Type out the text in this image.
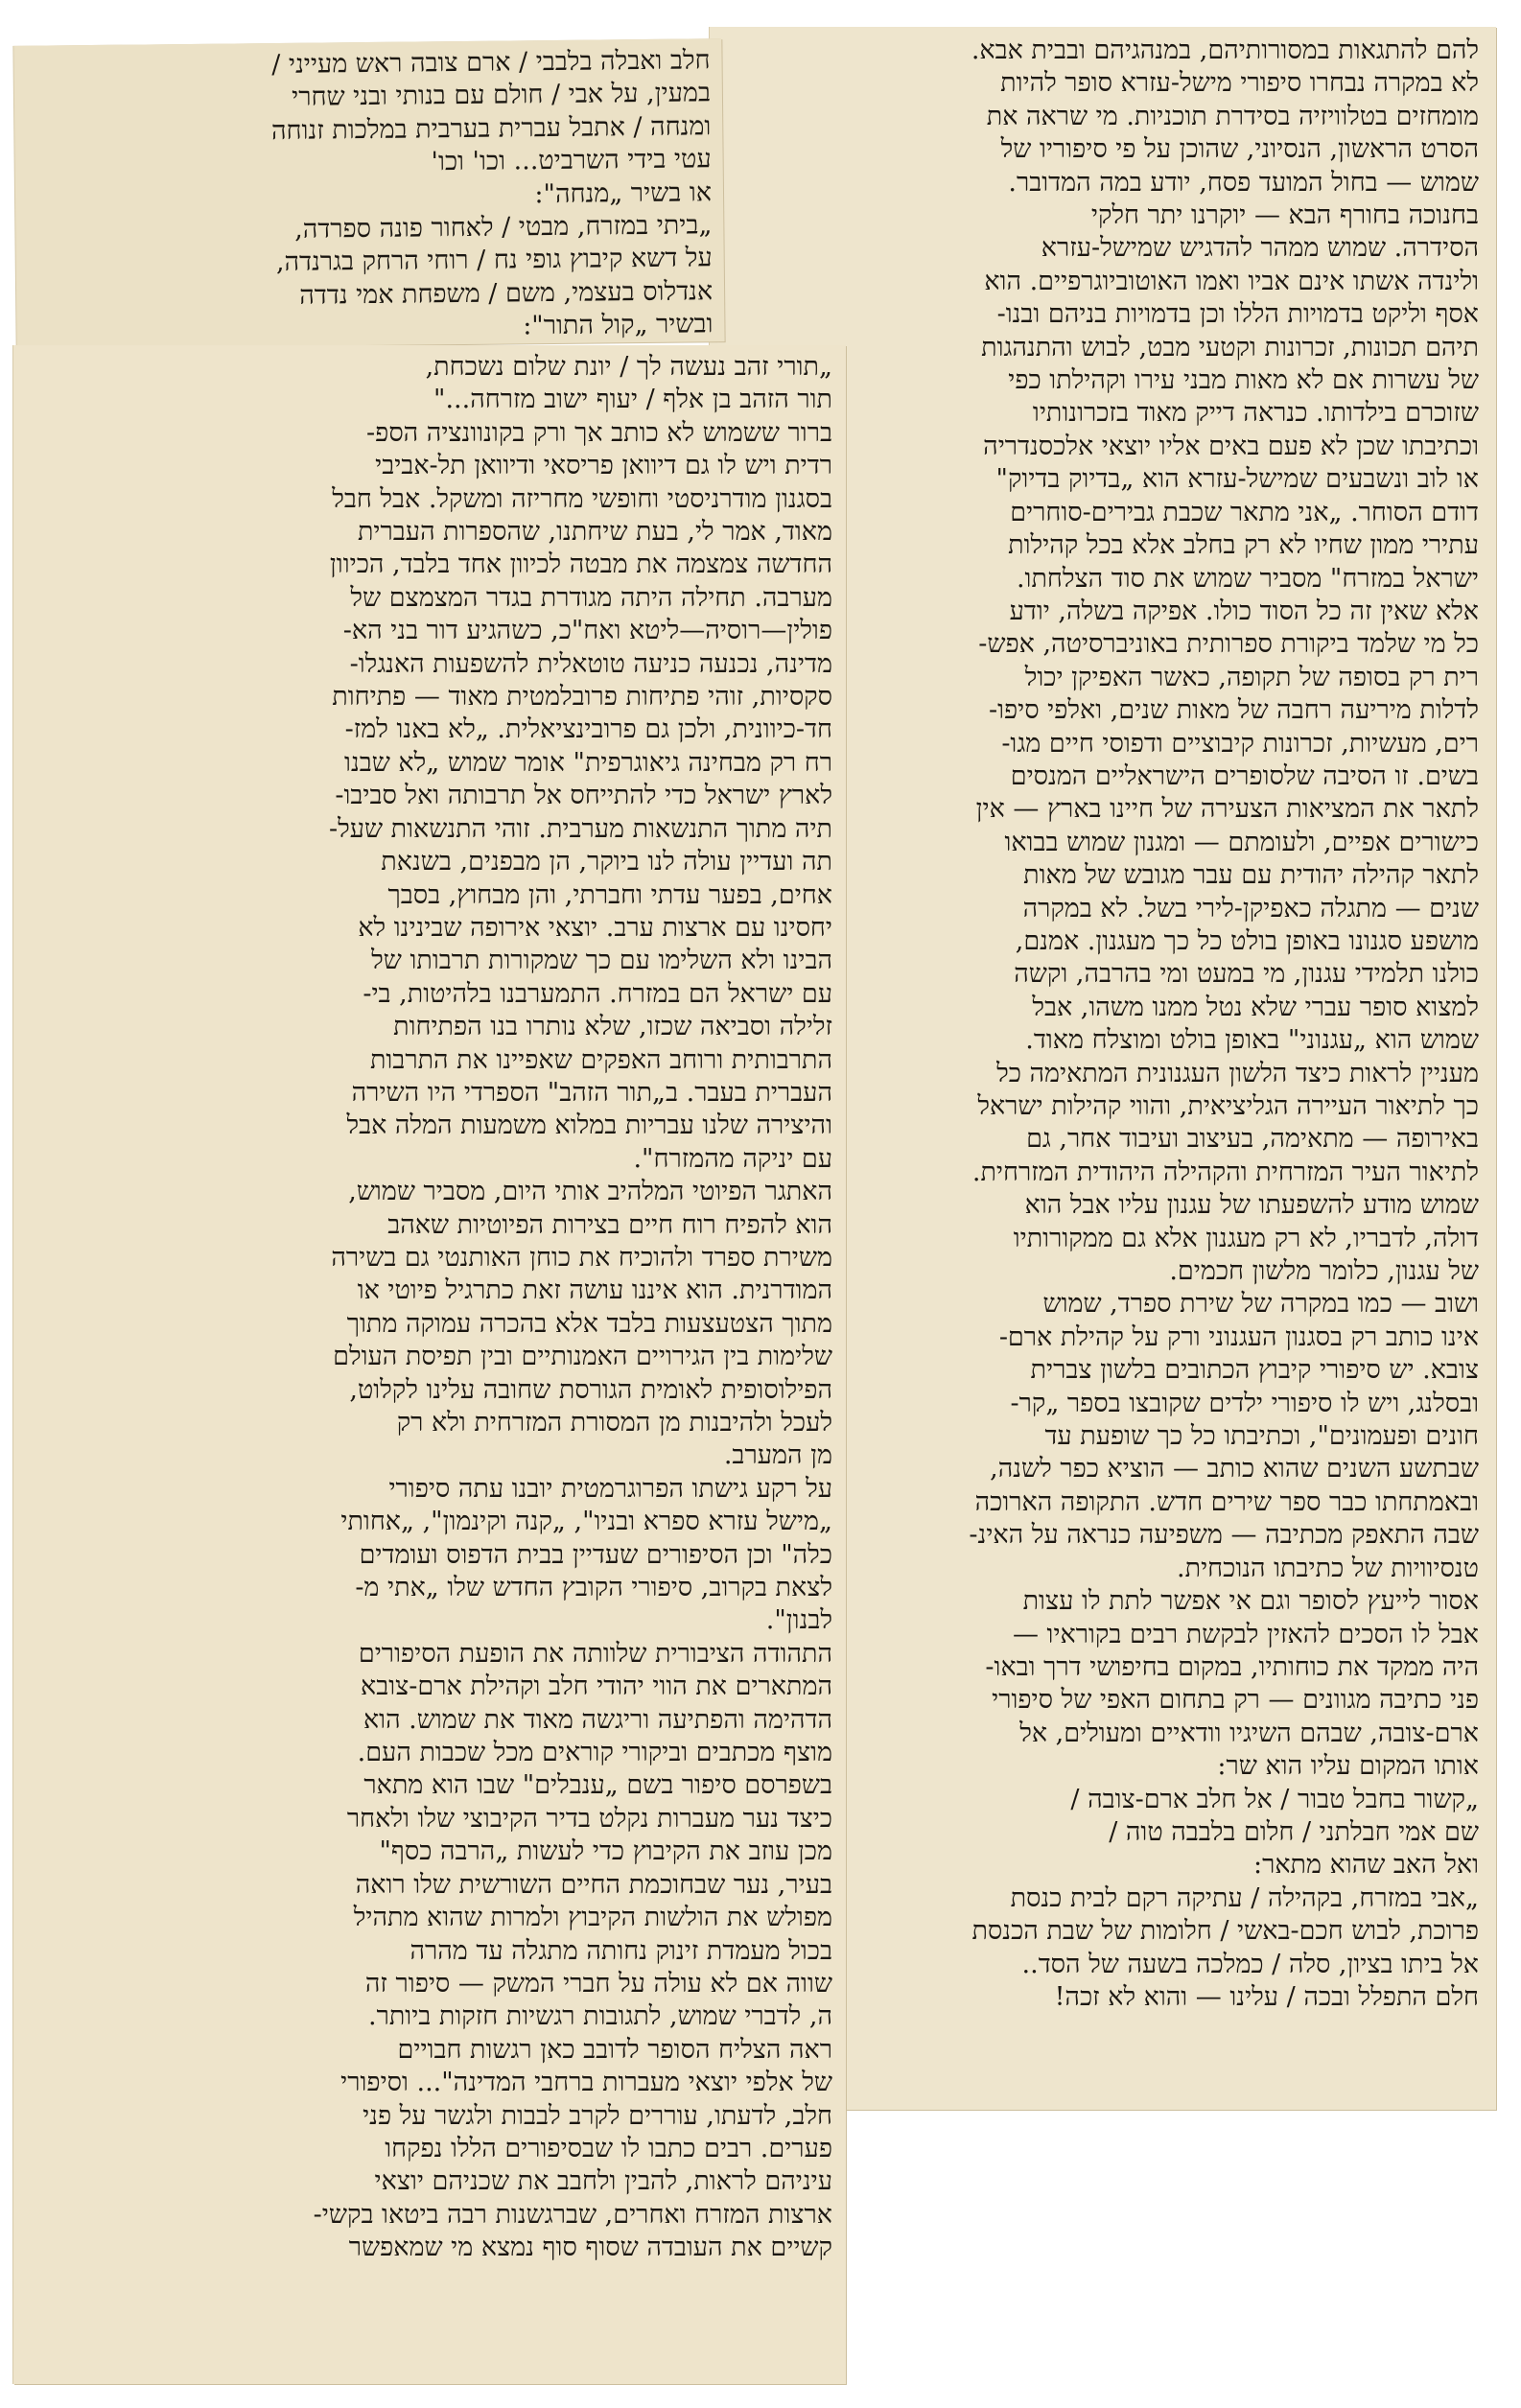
להם להתגאות במסורותיהם, במנהגיהם ובבית אבא.
לא במקרה נבחרו סיפורי מישל-עזרא סופר להיות
מומחזים בטלוויזיה בסידרת תוכניות. מי שראה את
הסרט הראשון, הנסיוני, שהוכן על פי סיפוריו של
שמוש — בחול המועד פסח, יודע במה המדובר.
בחנוכה בחורף הבא — יוקרנו יתר חלקי
הסידרה. שמוש ממהר להדגיש שמישל-עזרא
ולינדה אשתו אינם אביו ואמו האוטוביוגרפיים. הוא
אסף וליקט בדמויות הללו וכן בדמויות בניהם ובנו-
תיהם תכונות, זכרונות וקטעי מבט, לבוש והתנהגות
של עשרות אם לא מאות מבני עירו וקהילתו כפי
שזוכרם בילדותו. כנראה דייק מאוד בזכרונותיו
וכתיבתו שכן לא פעם באים אליו יוצאי אלכסנדריה
או לוב ונשבעים שמישל-עזרא הוא „בדיוק בדיוק"
דודם הסוחר. „אני מתאר שכבת גבירים-סוחרים
עתירי ממון שחיו לא רק בחלב אלא בכל קהילות
ישראל במזרח" מסביר שמוש את סוד הצלחתו.
אלא שאין זה כל הסוד כולו. אפיקה בשלה, יודע
כל מי שלמד ביקורת ספרותית באוניברסיטה, אפש-
רית רק בסופה של תקופה, כאשר האפיקן יכול
לדלות מיריעה רחבה של מאות שנים, ואלפי סיפו-
רים, מעשיות, זכרונות קיבוציים ודפוסי חיים מגו-
בשים. זו הסיבה שלסופרים הישראליים המנסים
לתאר את המציאות הצעירה של חיינו בארץ — אין
כישורים אפיים, ולעומתם — ומגנון שמוש בבואו
לתאר קהילה יהודית עם עבר מגובש של מאות
שנים — מתגלה כאפיקן-לירי בשל. לא במקרה
מושפע סגנונו באופן בולט כל כך מעגנון. אמנם,
כולנו תלמידי עגנון, מי במעט ומי בהרבה, וקשה
למצוא סופר עברי שלא נטל ממנו משהו, אבל
שמוש הוא „עגנוני" באופן בולט ומוצלח מאוד.
מעניין לראות כיצד הלשון העגנונית המתאימה כל
כך לתיאור העיירה הגליציאית, והווי קהילות ישראל
באירופה — מתאימה, בעיצוב ועיבוד אחר, גם
לתיאור העיר המזרחית והקהילה היהודית המזרחית.
שמוש מודע להשפעתו של עגנון עליו אבל הוא
דולה, לדבריו, לא רק מעגנון אלא גם ממקורותיו
של עגנון, כלומר מלשון חכמים.
ושוב — כמו במקרה של שירת ספרד, שמוש
אינו כותב רק בסגנון העגנוני ורק על קהילת ארם-
צובא. יש סיפורי קיבוץ הכתובים בלשון צברית
ובסלנג, ויש לו סיפורי ילדים שקובצו בספר „קר-
חונים ופעמונים", וכתיבתו כל כך שופעת עד
שבתשע השנים שהוא כותב — הוציא כפר לשנה,
ובאמתחתו כבר ספר שירים חדש. התקופה הארוכה
שבה התאפק מכתיבה — משפיעה כנראה על האינ-
טנסיוויות של כתיבתו הנוכחית.
אסור לייעץ לסופר וגם אי אפשר לתת לו עצות
אבל לו הסכים להאזין לבקשת רבים בקוראיו —
היה ממקד את כוחותיו, במקום בחיפושי דרך ובאו-
פני כתיבה מגוונים — רק בתחום האפי של סיפורי
ארם-צובה, שבהם השיגיו וודאיים ומעולים, אל
אותו המקום עליו הוא שר:
„קשור בחבל טבור / אל חלב ארם-צובה /
שם אמי חבלתני / חלום בלבבה טוה /
ואל האב שהוא מתאר:
„אבי במזרח, בקהילה / עתיקה רקם לבית כנסת
פרוכת, לבוש חכם-באשי / חלומות של שבת הכנסת
אל ביתו בציון, סלה / כמלכה בשעה של הסד..
חלם התפלל ובכה / עלינו — והוא לא זכה!
חלב ואבלה בלבבי / ארם צובה ראש מעייני /
במעין, על אבי / חולם עם בנותי ובני שחרי
ומנחה / אתבל עברית בערבית במלכות זנוחה
עטי בידי השרביט... וכו' וכו'
או בשיר „מנחה":
„ביתי במזרח, מבטי / לאחור פונה ספרדה,
על דשא קיבוץ גופי נח / רוחי הרחק בגרנדה,
אנדלוס בעצמי, משם / משפחת אמי נדדה
ובשיר „קול התור":
„תורי זהב נעשה לך / יונת שלום נשכחת,
תור הזהב בן אלף / יעוף ישוב מזרחה..."
ברור ששמוש לא כותב אך ורק בקונוונציה הספ-
רדית ויש לו גם דיוואן פריסאי ודיוואן תל-אביבי
בסגנון מודרניסטי וחופשי מחריזה ומשקל. אבל חבל
מאוד, אמר לי, בעת שיחתנו, שהספרות העברית
החדשה צמצמה את מבטה לכיוון אחד בלבד, הכיוון
מערבה. תחילה היתה מגודרת בגדר המצמצם של
פולין—רוסיה—ליטא ואח"כ, כשהגיע דור בני הא-
מדינה, נכנעה כניעה טוטאלית להשפעות האנגלו-
סקסיות, זוהי פתיחות פרובלמטית מאוד — פתיחות
חד-כיוונית, ולכן גם פרובינציאלית. „לא באנו למז-
רח רק מבחינה גיאוגרפית" אומר שמוש „לא שבנו
לארץ ישראל כדי להתייחס אל תרבותה ואל סביבו-
תיה מתוך התנשאות מערבית. זוהי התנשאות שעל-
תה ועדיין עולה לנו ביוקר, הן מבפנים, בשנאת
אחים, בפער עדתי וחברתי, והן מבחוץ, בסבך
יחסינו עם ארצות ערב. יוצאי אירופה שבינינו לא
הבינו ולא השלימו עם כך שמקורות תרבותו של
עם ישראל הם במזרח. התמערבנו בלהיטות, בי-
זלילה וסביאה שכזו, שלא נותרו בנו הפתיחות
התרבותית ורוחב האפקים שאפיינו את התרבות
העברית בעבר. ב„תור הזהב" הספרדי היו השירה
והיצירה שלנו עבריות במלוא משמעות המלה אבל
עם יניקה מהמזרח".
האתגר הפיוטי המלהיב אותי היום, מסביר שמוש,
הוא להפיח רוח חיים בצירות הפיוטיות שאהב
משירת ספרד ולהוכיח את כוחן האותנטי גם בשירה
המודרנית. הוא איננו עושה זאת כתרגיל פיוטי או
מתוך הצטעצעות בלבד אלא בהכרה עמוקה מתוך
שלימות בין הגירויים האמנותיים ובין תפיסת העולם
הפילוסופית לאומית הגורסת שחובה עלינו לקלוט,
לעכל ולהיבנות מן המסורת המזרחית ולא רק
מן המערב.
על רקע גישתו הפרוגרמטית יובנו עתה סיפורי
„מישל עזרא ספרא ובניו", „קנה וקינמון", „אחותי
כלה" וכן הסיפורים שעדיין בבית הדפוס ועומדים
לצאת בקרוב, סיפורי הקובץ החדש שלו „אתי מ-
לבנון".
התהודה הציבורית שלוותה את הופעת הסיפורים
המתארים את הווי יהודי חלב וקהילת ארם-צובא
הדהימה והפתיעה וריגשה מאוד את שמוש. הוא
מוצף מכתבים וביקורי קוראים מכל שכבות העם.
בשפרסם סיפור בשם „ענבלים" שבו הוא מתאר
כיצד נער מעברות נקלט בדיר הקיבוצי שלו ולאחר
מכן עוזב את הקיבוץ כדי לעשות „הרבה כסף"
בעיר, נער שבחוכמת החיים השורשית שלו רואה
מפולש את הולשות הקיבוץ ולמרות שהוא מתהיל
בכול מעמדת זינוק נחותה מתגלה עד מהרה
שווה אם לא עולה על חברי המשק — סיפור זה
ה, לדברי שמוש, לתגובות רגשיות חזקות ביותר.
ראה הצליח הסופר לדובב כאן רגשות חבויים
של אלפי יוצאי מעברות ברחבי המדינה"... וסיפורי
חלב, לדעתו, עוררים לקרב לבבות ולגשר על פני
פערים. רבים כתבו לו שבסיפורים הללו נפקחו
עיניהם לראות, להבין ולחבב את שכניהם יוצאי
ארצות המזרח ואחרים, שברגשנות רבה ביטאו בקשי-
קשיים את העובדה שסוף סוף נמצא מי שמאפשר
